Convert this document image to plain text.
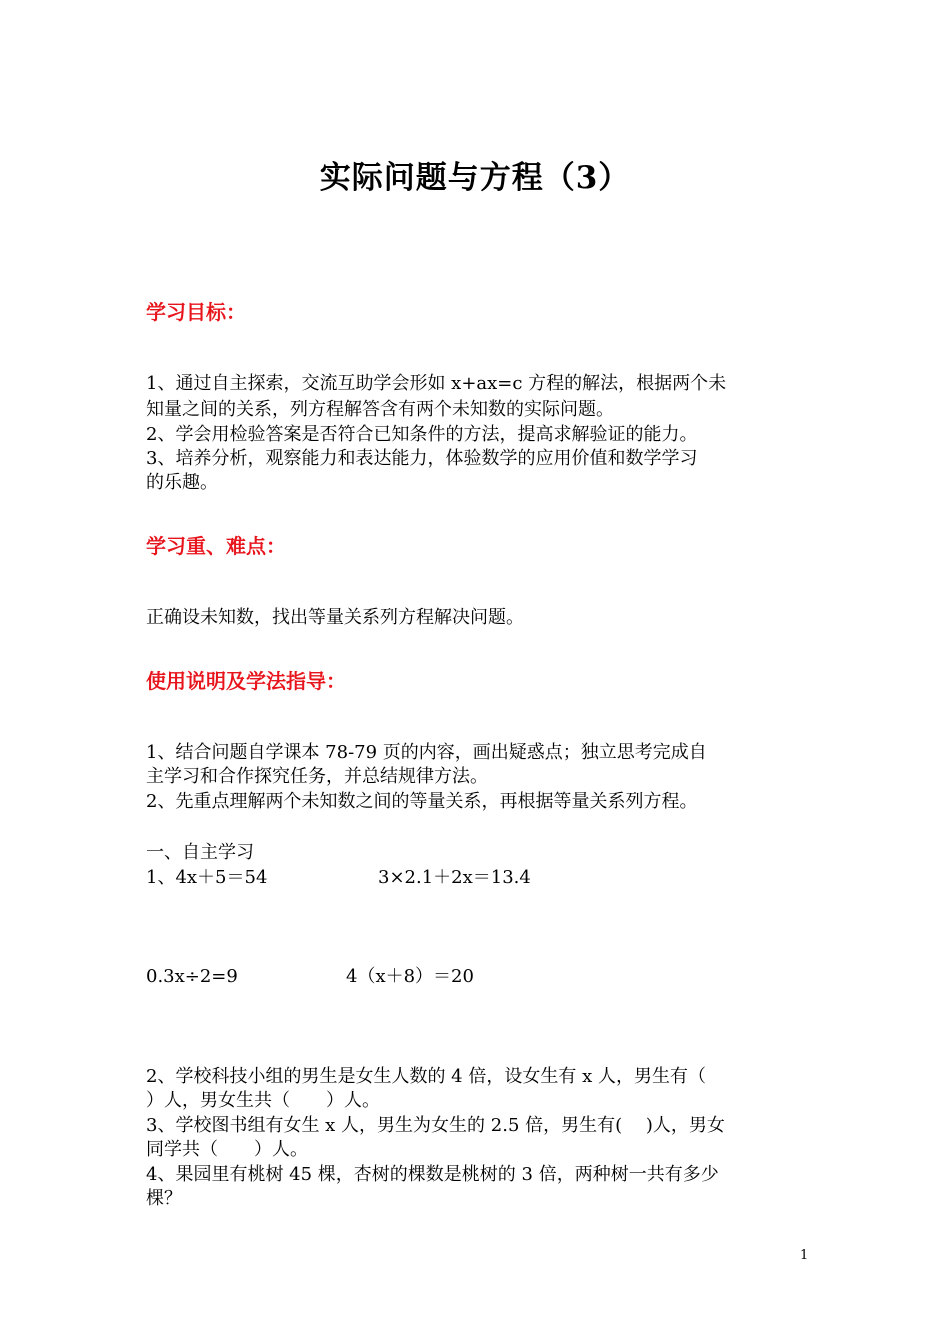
实际问题与方程（3）
学习目标：
1、通过自主探索，交流互助学会形如 x+ax=c 方程的解法，根据两个未
知量之间的关系，列方程解答含有两个未知数的实际问题。
2、学会用检验答案是否符合已知条件的方法，提高求解验证的能力。
3、培养分析，观察能力和表达能力，体验数学的应用价值和数学学习
的乐趣。
学习重、难点：
正确设未知数，找出等量关系列方程解决问题。
使用说明及学法指导：
1、结合问题自学课本 78-79 页的内容，画出疑惑点；独立思考完成自
主学习和合作探究任务，并总结规律方法。
2、先重点理解两个未知数之间的等量关系，再根据等量关系列方程。
一、自主学习
1、4x＋5＝54	3×2.1＋2x＝13.4
0.3x÷2=9	4（x＋8）＝20
2、学校科技小组的男生是女生人数的 4 倍，设女生有 x 人，男生有（
）人，男女生共（　　）人。
3、学校图书组有女生 x 人，男生为女生的 2.5 倍，男生有(　 )人，男女
同学共（　　）人。
4、果园里有桃树 45 棵，杏树的棵数是桃树的 3 倍，两种树一共有多少
棵？
1
